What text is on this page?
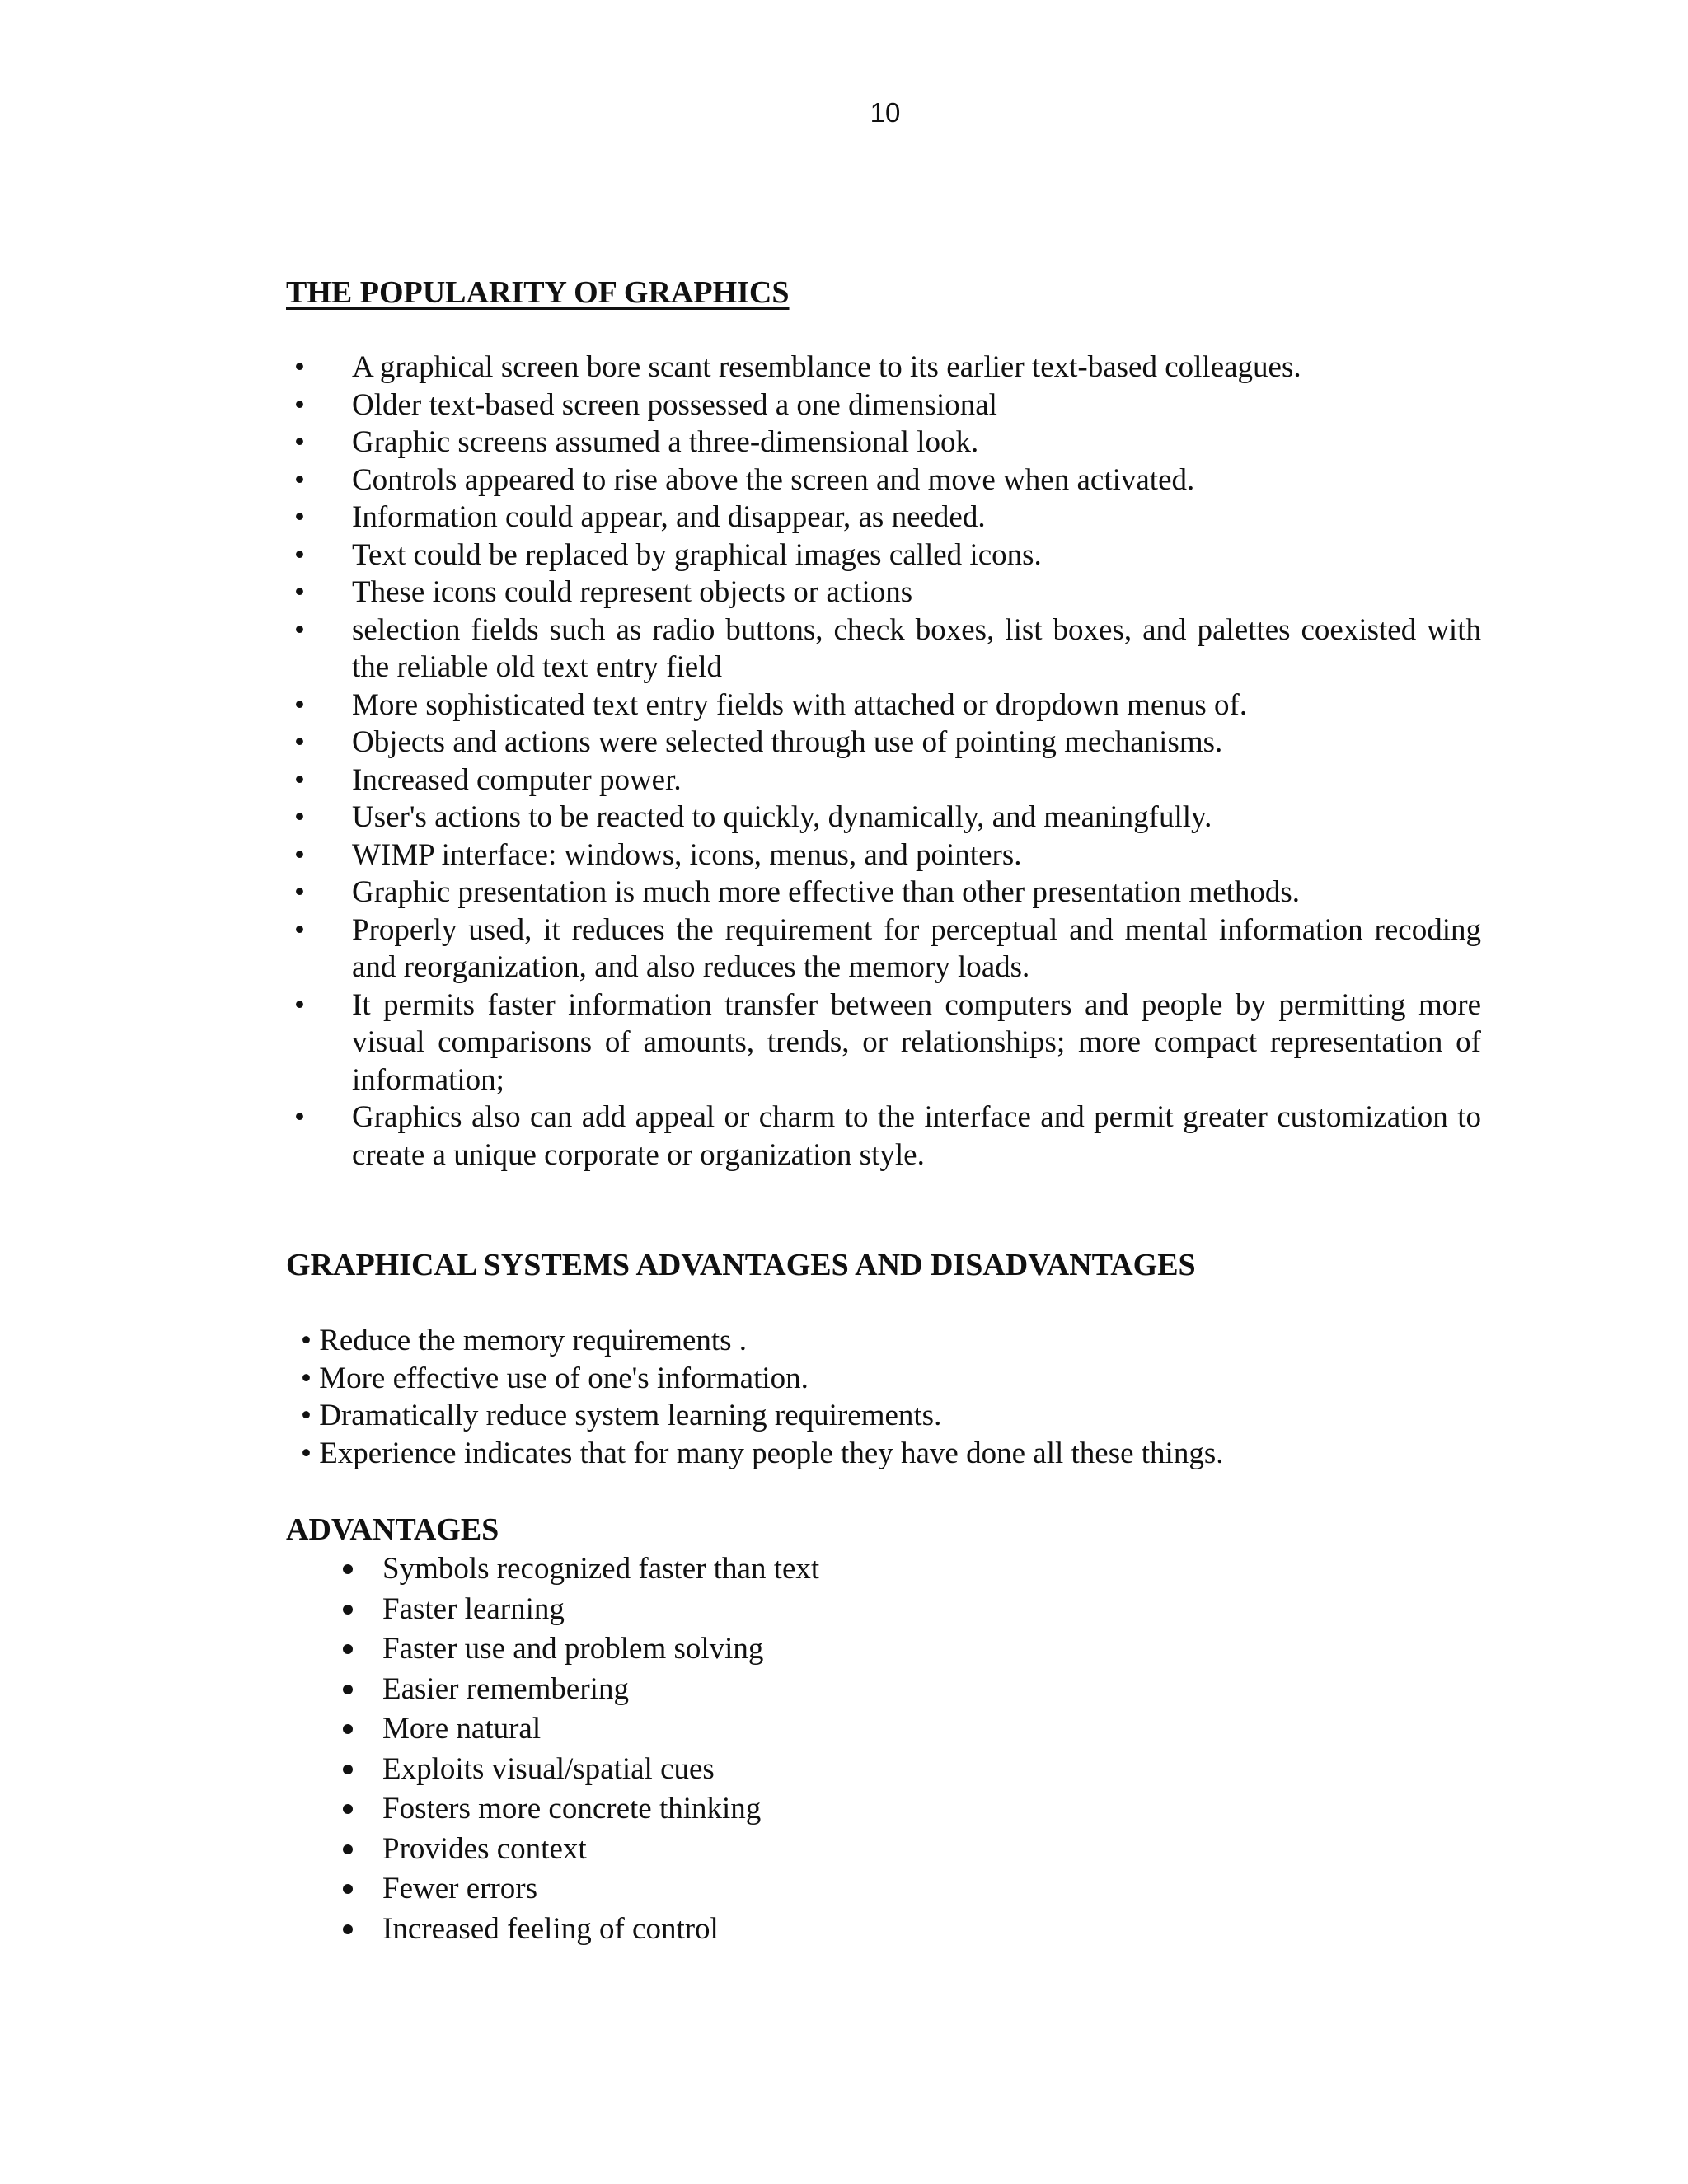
10
THE POPULARITY OF GRAPHICS
• A graphical screen bore scant resemblance to its earlier text-based colleagues.
• Older text-based screen possessed a one dimensional
• Graphic screens assumed a three-dimensional look.
• Controls appeared to rise above the screen and move when activated.
• Information could appear, and disappear, as needed.
• Text could be replaced by graphical images called icons.
• These icons could represent objects or actions
• selection fields such as radio buttons, check boxes, list boxes, and palettes coexisted with the reliable old text entry field
• More sophisticated text entry fields with attached or dropdown menus of.
• Objects and actions were selected through use of pointing mechanisms.
• Increased computer power.
• User's actions to be reacted to quickly, dynamically, and meaningfully.
• WIMP interface: windows, icons, menus, and pointers.
• Graphic presentation is much more effective than other presentation methods.
• Properly used, it reduces the requirement for perceptual and mental information recoding and reorganization, and also reduces the memory loads.
• It permits faster information transfer between computers and people by permitting more visual comparisons of amounts, trends, or relationships; more compact representation of information;
• Graphics also can add appeal or charm to the interface and permit greater customization to create a unique corporate or organization style.
GRAPHICAL SYSTEMS ADVANTAGES AND DISADVANTAGES
• Reduce the memory requirements .
• More effective use of one's information.
• Dramatically reduce system learning requirements.
• Experience indicates that for many people they have done all these things.
ADVANTAGES
Symbols recognized faster than text
Faster learning
Faster use and problem solving
Easier remembering
More natural
Exploits visual/spatial cues
Fosters more concrete thinking
Provides context
Fewer errors
Increased feeling of control
